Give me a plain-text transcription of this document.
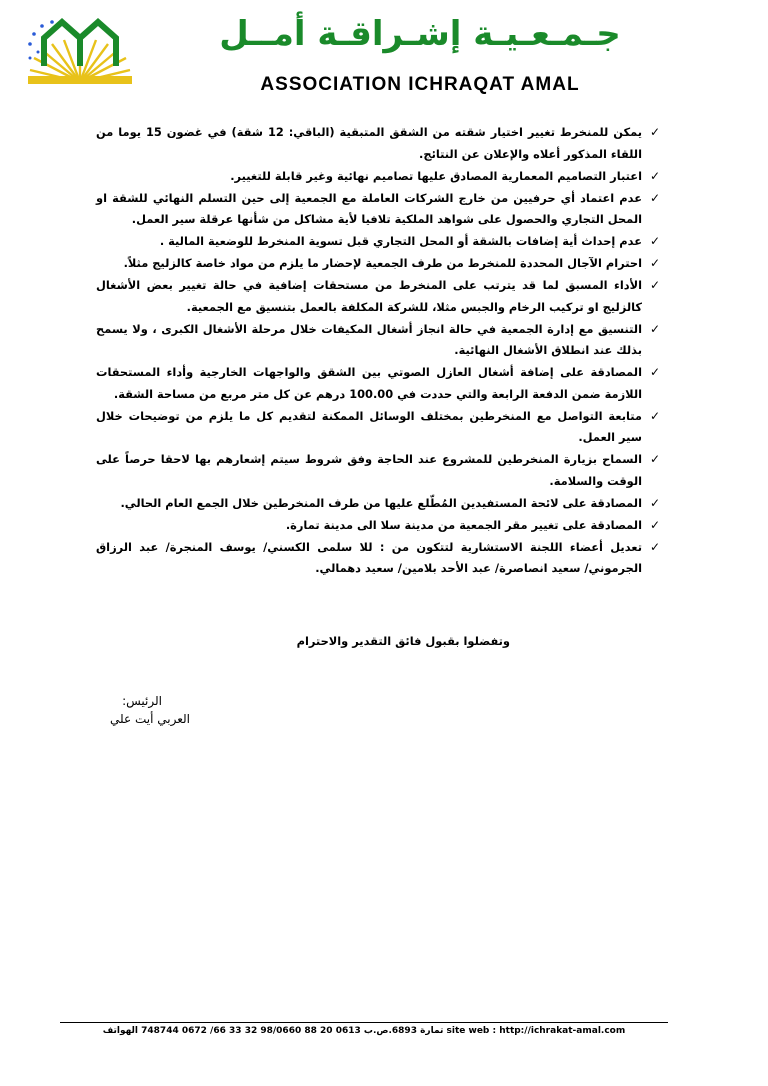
جـمـعـيـة إشـراقـة أمــل
ASSOCIATION ICHRAQAT AMAL
✓
يمكن للمنخرط تغيير اختيار شقته من الشقق المتبقية (الباقي: 12 شقة) في غضون 15 يوما من اللقاء المذكور أعلاه والإعلان عن النتائج.
✓
اعتبار التصاميم المعمارية المصادق عليها تصاميم نهائية وغير قابلة للتغيير.
✓
عدم اعتماد أي حرفيين من خارج الشركات العاملة مع الجمعية إلى حين التسلم النهائي للشقة او المحل التجاري والحصول على شواهد الملكية تلافيا لأية مشاكل من شأنها عرقلة سير العمل.
✓
عدم إحداث أية إضافات بالشقة أو المحل التجاري قبل تسوية المنخرط للوضعية المالية .
✓
احترام الآجال المحددة للمنخرط من طرف الجمعية لإحضار ما يلزم من مواد خاصة كالزليج مثلاً.
✓
الأداء المسبق لما قد يترتب على المنخرط من مستحقات إضافية في حالة تغيير بعض الأشغال كالزليج او تركيب الرخام والجبس مثلا، للشركة المكلفة بالعمل بتنسيق مع الجمعية.
✓
التنسيق مع إدارة الجمعية في حالة انجاز أشغال المكيفات خلال مرحلة الأشغال الكبرى ، ولا يسمح بذلك عند انطلاق الأشغال النهائية.
✓
المصادقة على إضافة أشغال العازل الصوتي بين الشقق والواجهات الخارجية وأداء المستحقات اللازمة ضمن الدفعة الرابعة والتي حددت في 100.00 درهم عن كل متر مربع من مساحة الشقة.
✓
متابعة التواصل مع المنخرطين بمختلف الوسائل الممكنة لتقديم كل ما يلزم من توضيحات خلال سير العمل.
✓
السماح بزيارة المنخرطين للمشروع عند الحاجة وفق شروط سيتم إشعارهم بها لاحقا حرصاً على الوقت والسلامة.
✓
المصادقة على لائحة المستفيدين المُطّلع عليها من طرف المنخرطين خلال الجمع العام الحالي.
✓
المصادقة على تغيير مقر الجمعية من مدينة سلا الى مدينة تمارة.
✓
تعديل أعضاء اللجنة الاستشارية لتتكون من : للا سلمى الكسني/ يوسف المنجرة/ عبد الرزاق الجرموني/ سعيد انصاصرة/ عبد الأحد بلامين/ سعيد دهمالي.
وتفضلوا بقبول فائق التقدير والاحترام
الرئيس:
العربي أيت علي
تمارة 6893.ص.ب 0613 20 88 98/0660 32 33 66/ 0672 748744 الهواتف site web : http://ichrakat-amal.com
